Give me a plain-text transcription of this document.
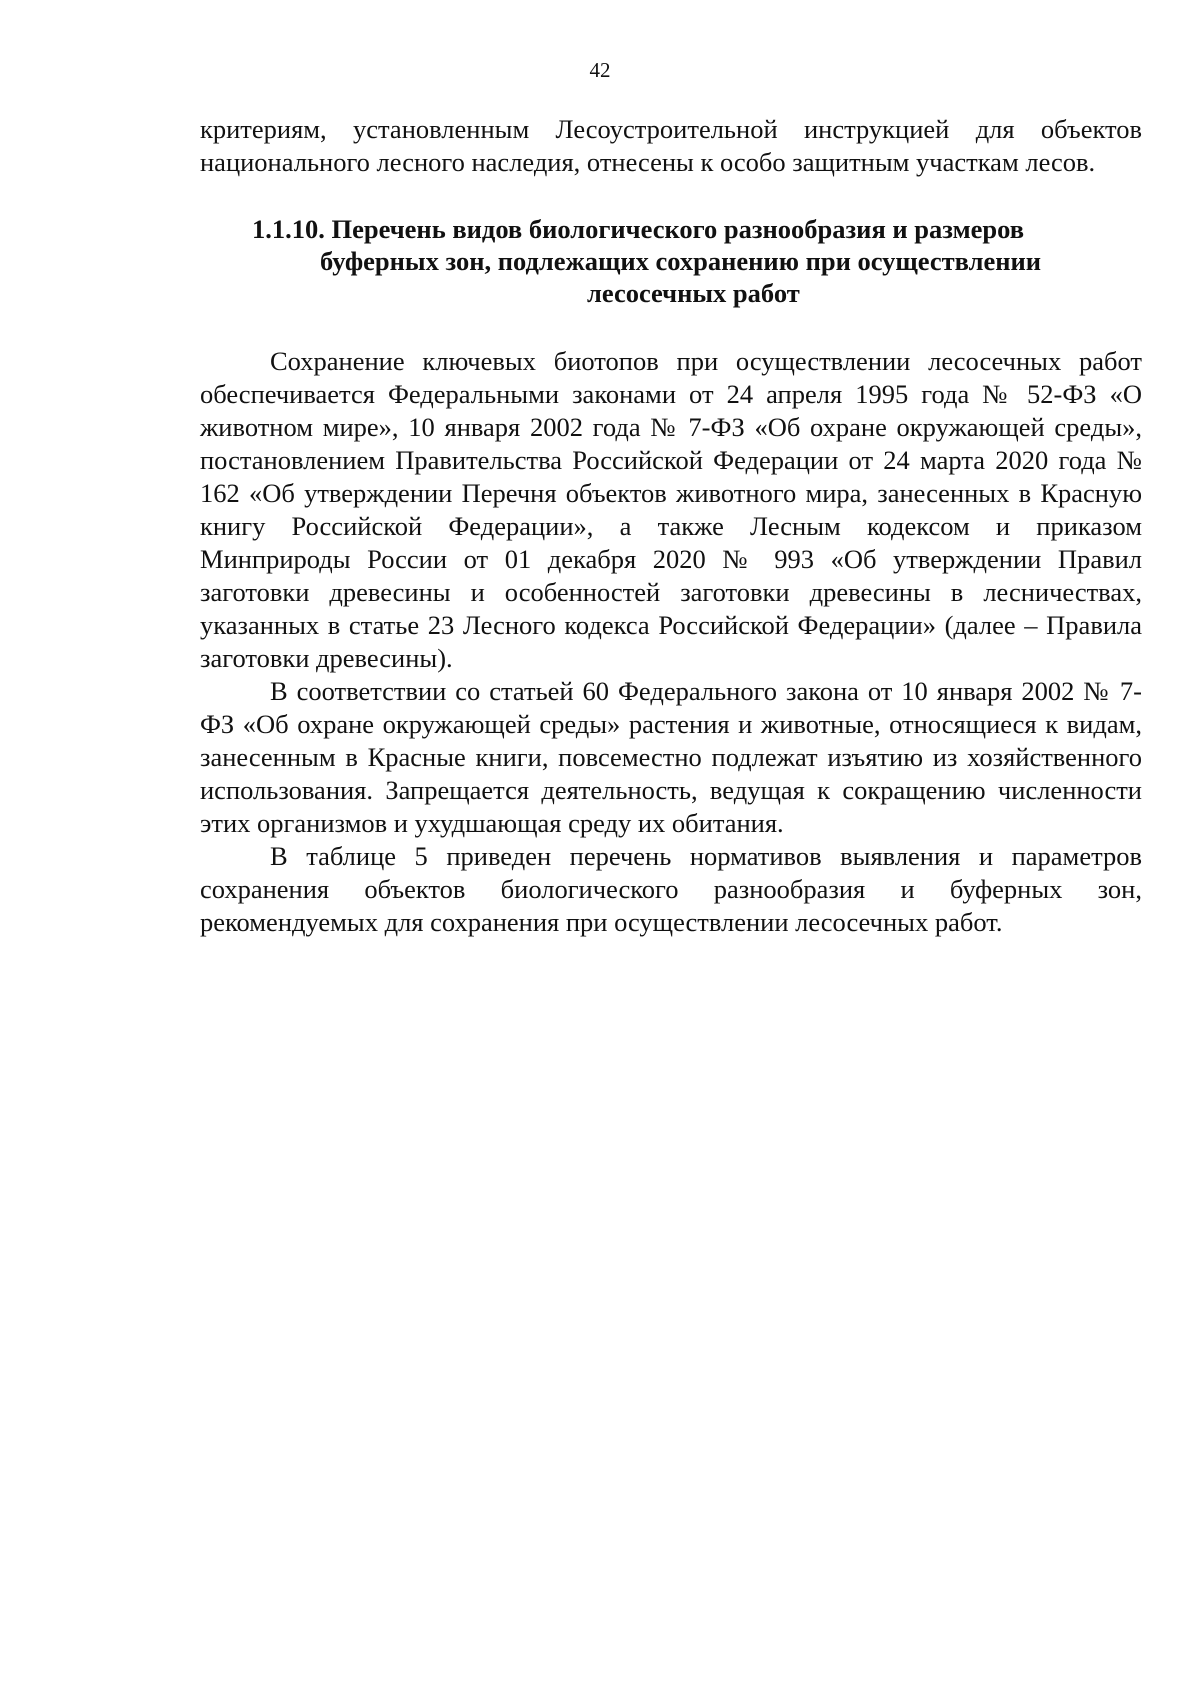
42
критериям, установленным Лесоустроительной инструкцией для объектов национального лесного наследия, отнесены к особо защитным участкам лесов.
1.1.10. Перечень видов биологического разнообразия и размеров
буферных зон, подлежащих сохранению при осуществлении
лесосечных работ

Сохранение ключевых биотопов при осуществлении лесосечных работ обеспечивается Федеральными законами от 24 апреля 1995 года № 52-ФЗ «О животном мире», 10 января 2002 года № 7-ФЗ «Об охране окружающей среды», постановлением Правительства Российской Федерации от 24 марта 2020 года № 162 «Об утверждении Перечня объектов животного мира, занесенных в Красную книгу Российской Федерации», а также Лесным кодексом и приказом Минприроды России от 01 декабря 2020 № 993 «Об утверждении Правил заготовки древесины и особенностей заготовки древесины в лесничествах, указанных в статье 23 Лесного кодекса Российской Федерации» (далее – Правила заготовки древесины).

В соответствии со статьей 60 Федерального закона от 10 января 2002 № 7-ФЗ «Об охране окружающей среды» растения и животные, относящиеся к видам, занесенным в Красные книги, повсеместно подлежат изъятию из хозяйственного использования. Запрещается деятельность, ведущая к сокращению численности этих организмов и ухудшающая среду их обитания.

В таблице 5 приведен перечень нормативов выявления и параметров сохранения объектов биологического разнообразия и буферных зон, рекомендуемых для сохранения при осуществлении лесосечных работ.
